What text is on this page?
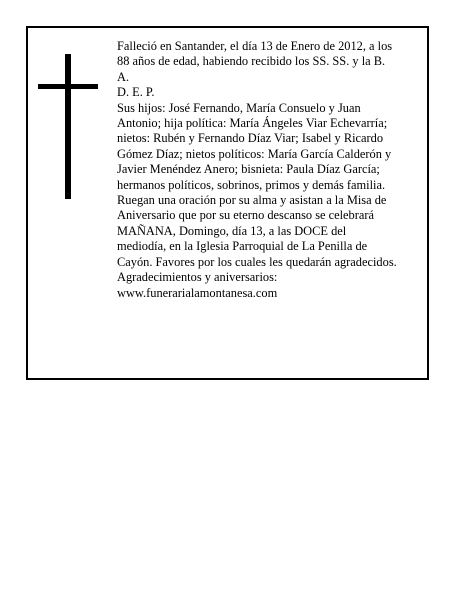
Falleció en Santander, el día 13 de Enero de 2012, a los

88 años de edad, habiendo recibido los SS. SS. y la B.

A.

D. E. P.

Sus hijos: José Fernando, María Consuelo y Juan

Antonio; hija política: María Ángeles Viar Echevarría;

nietos: Rubén y Fernando Díaz Viar; Isabel y Ricardo

Gómez Díaz; nietos políticos: María García Calderón y

Javier Menéndez Anero; bisnieta: Paula Díaz García;

hermanos políticos, sobrinos, primos y demás familia.

Ruegan una oración por su alma y asistan a la Misa de

Aniversario que por su eterno descanso se celebrará

MAÑANA, Domingo, día 13, a las DOCE del

mediodía, en la Iglesia Parroquial de La Penilla de

Cayón. Favores por los cuales les quedarán agradecidos.

Agradecimientos y aniversarios:

www.funerarialamontanesa.com
